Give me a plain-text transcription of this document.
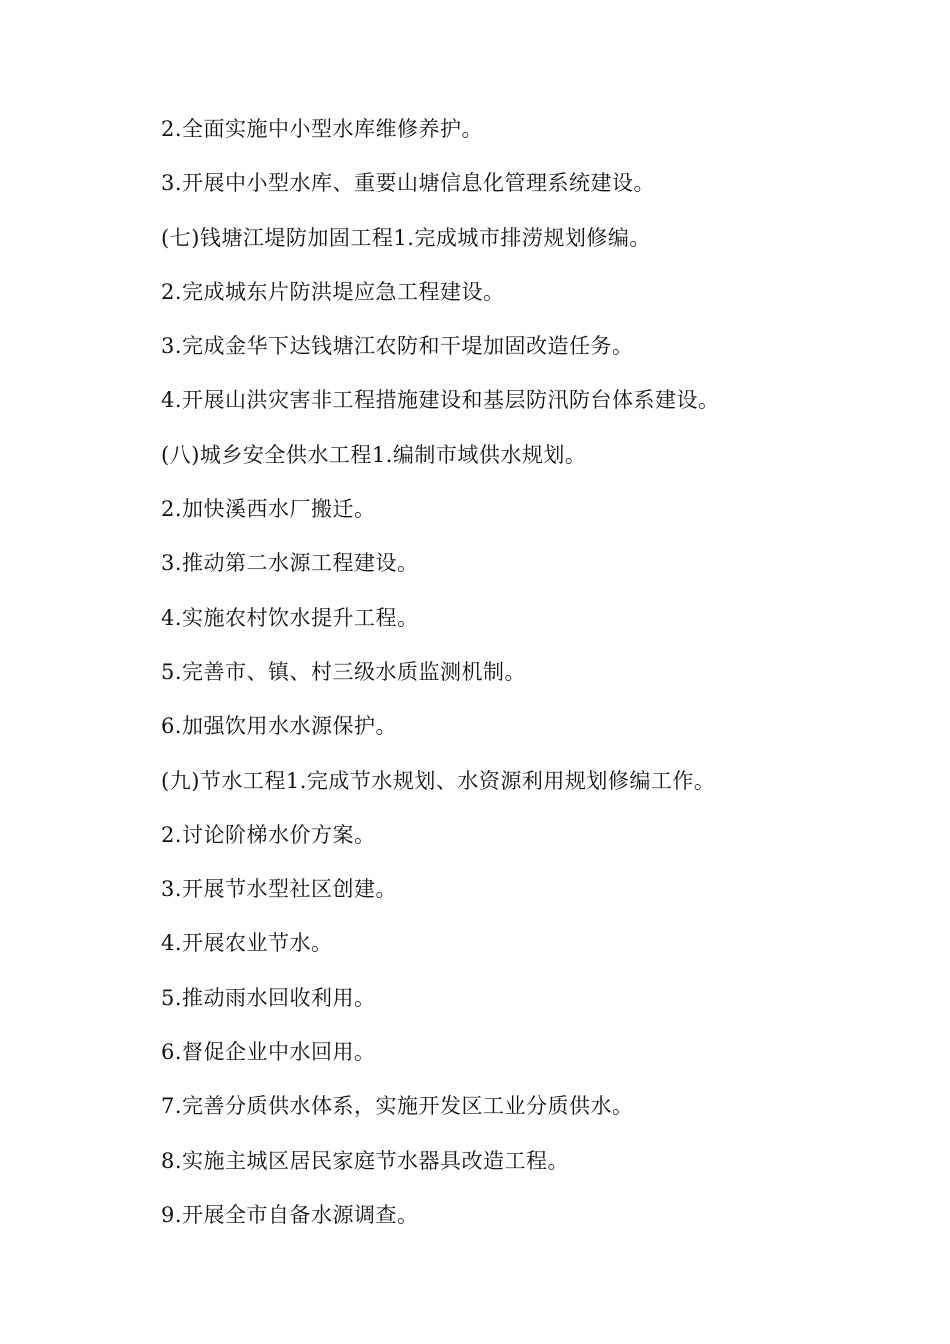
2.全面实施中小型水库维修养护。
3.开展中小型水库、重要山塘信息化管理系统建设。
(七)钱塘江堤防加固工程1.完成城市排涝规划修编。
2.完成城东片防洪堤应急工程建设。
3.完成金华下达钱塘江农防和干堤加固改造任务。
4.开展山洪灾害非工程措施建设和基层防汛防台体系建设。
(八)城乡安全供水工程1.编制市域供水规划。
2.加快溪西水厂搬迁。
3.推动第二水源工程建设。
4.实施农村饮水提升工程。
5.完善市、镇、村三级水质监测机制。
6.加强饮用水水源保护。
(九)节水工程1.完成节水规划、水资源利用规划修编工作。
2.讨论阶梯水价方案。
3.开展节水型社区创建。
4.开展农业节水。
5.推动雨水回收利用。
6.督促企业中水回用。
7.完善分质供水体系，实施开发区工业分质供水。
8.实施主城区居民家庭节水器具改造工程。
9.开展全市自备水源调查。
